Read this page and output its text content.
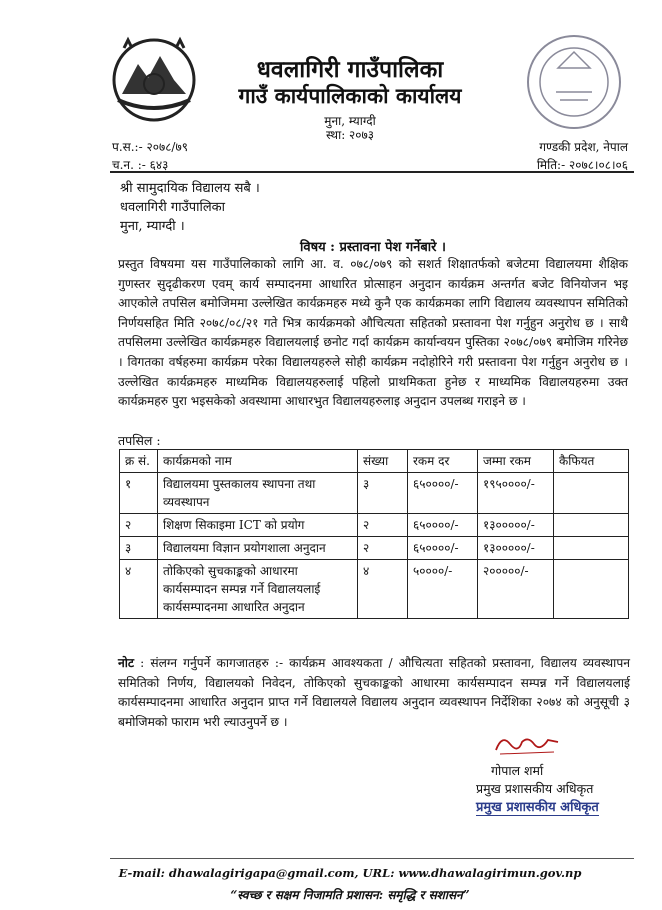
धवलागिरी गाउँपालिका
गाउँ कार्यपालिकाको कार्यालय
मुना, म्याग्दी
स्था: २०७३
गण्डकी प्रदेश, नेपाल
प.स.:- २०७८/७९
च.न. :- ६४३	मिति:- २०७८।०८।०६
श्री सामुदायिक विद्यालय सबै ।
धवलागिरी गाउँपालिका
मुना, म्याग्दी ।
विषय : प्रस्तावना पेश गर्नेबारे ।
प्रस्तुत विषयमा यस गाउँपालिकाको लागि आ. व. ०७८/०७९ को सशर्त शिक्षातर्फको बजेटमा विद्यालयमा शैक्षिक गुणस्तर सुदृढीकरण एवम् कार्य सम्पादनमा आधारित प्रोत्साहन अनुदान कार्यक्रम अन्तर्गत बजेट विनियोजन भइ आएकोले तपसिल बमोजिममा उल्लेखित कार्यक्रमहरु मध्ये कुनै एक कार्यक्रमका लागि विद्यालय व्यवस्थापन समितिको निर्णयसहित मिति २०७८/०८/२१ गते भित्र कार्यक्रमको औचित्यता सहितको प्रस्तावना पेश गर्नुहुन अनुरोध छ । साथै तपसिलमा उल्लेखित कार्यक्रमहरु विद्यालयलाई छनोट गर्दा कार्यक्रम कार्यान्वयन पुस्तिका २०७८/०७९ बमोजिम गरिनेछ । विगतका वर्षहरुमा कार्यक्रम परेका विद्यालयहरुले सोही कार्यक्रम नदोहोरिने गरी प्रस्तावना पेश गर्नुहुन अनुरोध छ । उल्लेखित कार्यक्रमहरु माध्यमिक विद्यालयहरुलाई पहिलो प्राथमिकता हुनेछ र माध्यमिक विद्यालयहरुमा उक्त कार्यक्रमहरु पुरा भइसकेको अवस्थामा आधारभुत विद्यालयहरुलाइ अनुदान उपलब्ध गराइने छ ।
तपसिल :
क्र सं.	कार्यक्रमको नाम	संख्या	रकम दर	जम्मा रकम	कैफियत
१	विद्यालयमा पुस्तकालय स्थापना तथा व्यवस्थापन	३	६५००००/-	१९५००००/-	
२	शिक्षण सिकाइमा ICT को प्रयोग	२	६५००००/-	१३०००००/-	
३	विद्यालयमा विज्ञान प्रयोगशाला अनुदान	२	६५००००/-	१३०००००/-	
४	तोकिएको सुचकाङ्कको आधारमा कार्यसम्पादन सम्पन्न गर्ने विद्यालयलाई कार्यसम्पादनमा आधारित अनुदान	४	५००००/-	२०००००/-	
नोट : संलग्न गर्नुपर्ने कागजातहरु :- कार्यक्रम आवश्यकता / औचित्यता सहितको प्रस्तावना, विद्यालय व्यवस्थापन समितिको निर्णय, विद्यालयको निवेदन, तोकिएको सुचकाङ्कको आधारमा कार्यसम्पादन सम्पन्न गर्ने विद्यालयलाई कार्यसम्पादनमा आधारित अनुदान प्राप्त गर्ने विद्यालयले विद्यालय अनुदान व्यवस्थापन निर्देशिका २०७४ को अनुसूची ३ बमोजिमको फाराम भरी ल्याउनुपर्ने छ ।
गोपाल शर्मा
प्रमुख प्रशासकीय अधिकृत
प्रमुख प्रशासकीय अधिकृत
E-mail: dhawalagirigapa@gmail.com, URL: www.dhawalagirimun.gov.np
“स्वच्छ र सक्षम निजामति प्रशासन: समृद्धि र सशासन”
